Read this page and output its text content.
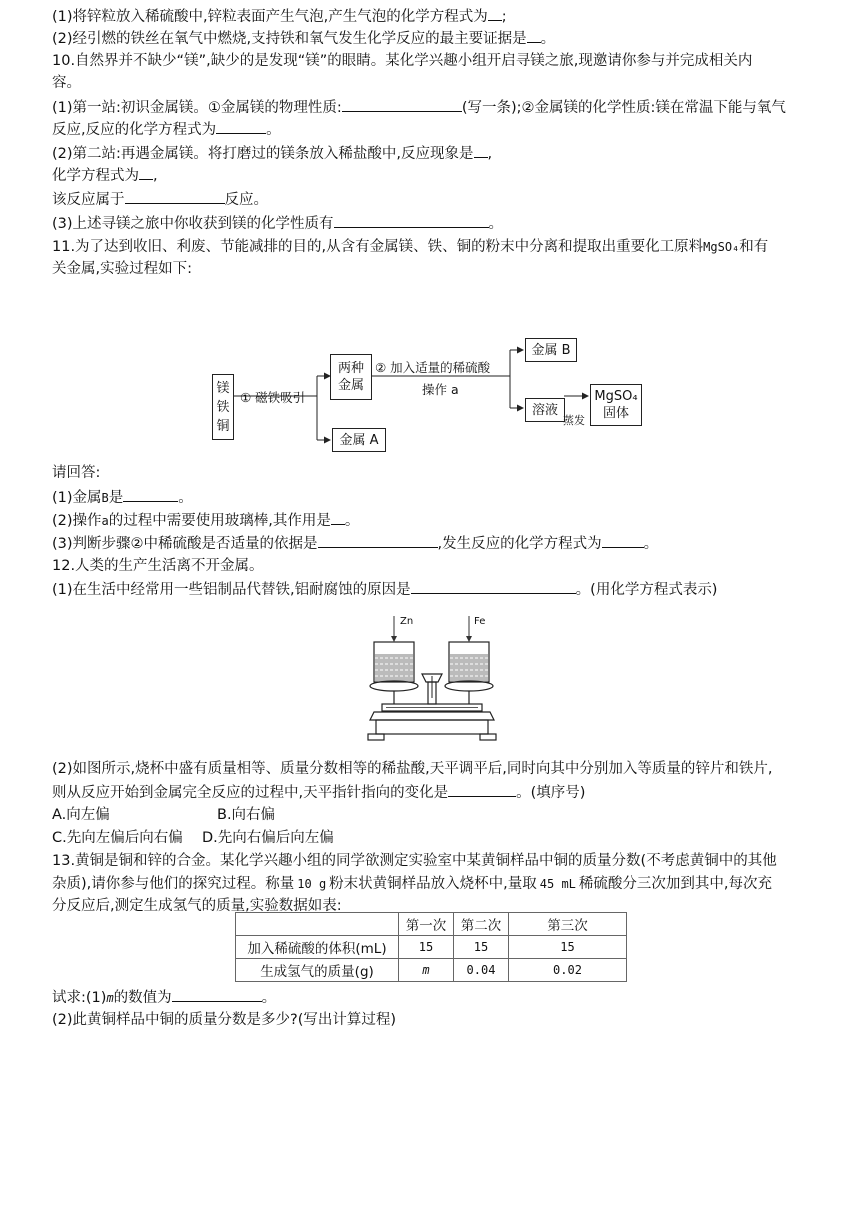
(1)将锌粒放入稀硫酸中,锌粒表面产生气泡,产生气泡的化学方程式为 ;
(2)经引燃的铁丝在氧气中燃烧,支持铁和氧气发生化学反应的最主要证据是 。
10.自然界并不缺少“镁”,缺少的是发现“镁”的眼睛。某化学兴趣小组开启寻镁之旅,现邀请你参与并完成相关内
容。
(1)第一站:初识金属镁。①金属镁的物理性质:	(写一条);②金属镁的化学性质:镁在常温下能与氧气
反应,反应的化学方程式为	。
(2)第二站:再遇金属镁。将打磨过的镁条放入稀盐酸中,反应现象是 ,
化学方程式为 ,
该反应属于	反应。
(3)上述寻镁之旅中你收获到镁的化学性质有	。
11.为了达到收旧、利废、节能减排的目的,从含有金属镁、铁、铜的粉末中分离和提取出重要化工原料MgSO₄和有
关金属,实验过程如下:
镁
铁
铜
① 磁铁吸引
两种
金属
② 加入适量的稀硫酸
操作 a
金属 B
溶液
蒸发
MgSO₄
固体
金属 A
请回答:
(1)金属B是	。
(2)操作a的过程中需要使用玻璃棒,其作用是 。
(3)判断步骤②中稀硫酸是否适量的依据是	,发生反应的化学方程式为	。
12.人类的生产生活离不开金属。
(1)在生活中经常用一些铝制品代替铁,铝耐腐蚀的原因是	。(用化学方程式表示)
Zn	Fe
(2)如图所示,烧杯中盛有质量相等、质量分数相等的稀盐酸,天平调平后,同时向其中分别加入等质量的锌片和铁片,
则从反应开始到金属完全反应的过程中,天平指针指向的变化是	。(填序号)
A.向左偏	B.向右偏
C.先向左偏后向右偏 D.先向右偏后向左偏
13.黄铜是铜和锌的合金。某化学兴趣小组的同学欲测定实验室中某黄铜样品中铜的质量分数(不考虑黄铜中的其他
杂质),请你参与他们的探究过程。称量 10 g 粉末状黄铜样品放入烧杯中,量取 45 mL 稀硫酸分三次加到其中,每次充
分反应后,测定生成氢气的质量,实验数据如表:
	第一次	第二次	第三次
加入稀硫酸的体积(mL)	15	15	15
生成氢气的质量(g)	m	0.04	0.02
试求:(1)m的数值为	。
(2)此黄铜样品中铜的质量分数是多少?(写出计算过程)
